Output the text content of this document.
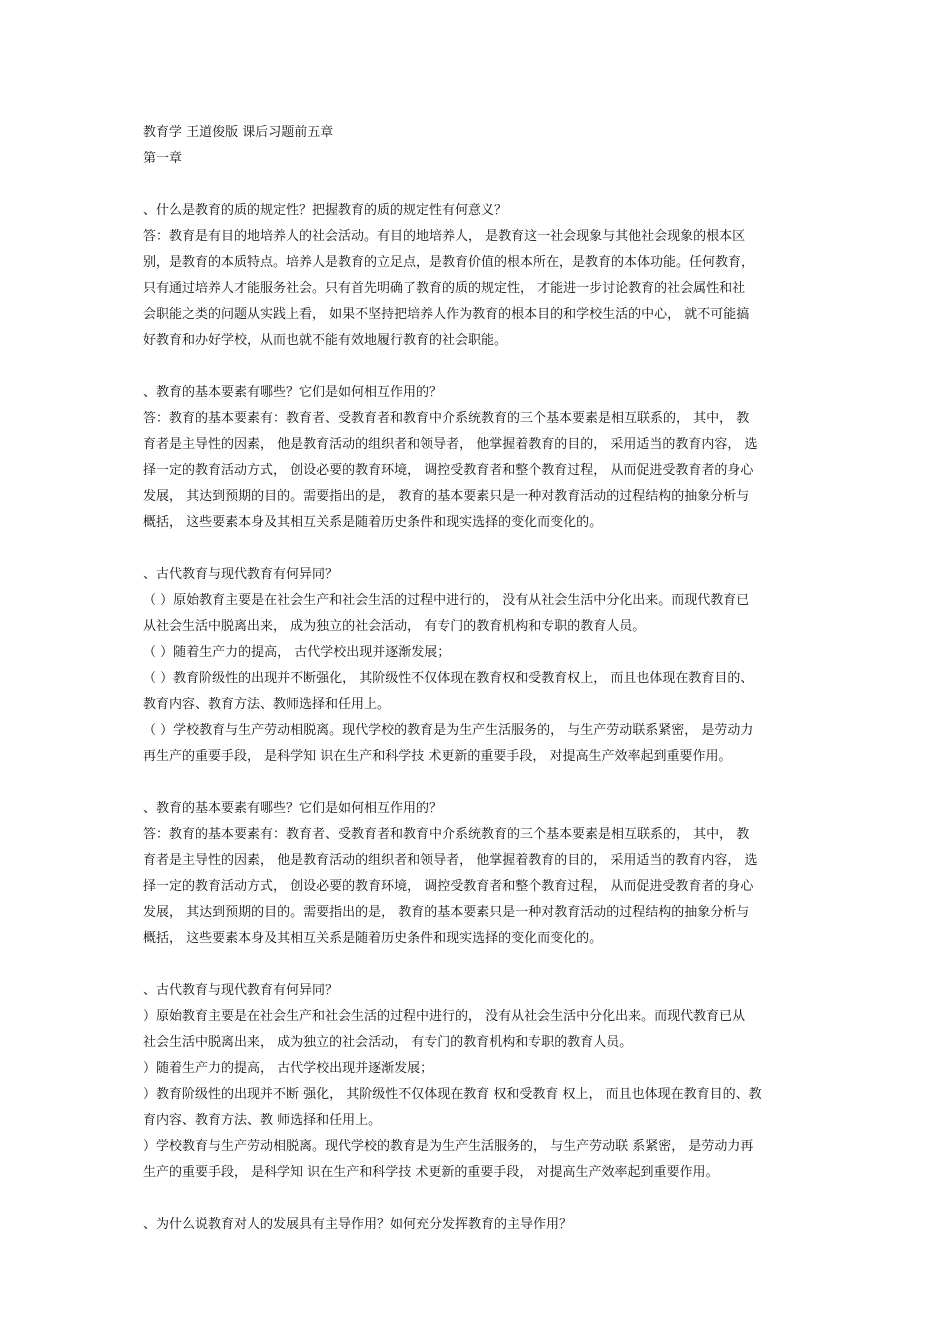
教育学 王道俊版 课后习题前五章
第一章
、什么是教育的质的规定性？把握教育的质的规定性有何意义？
答：教育是有目的地培养人的社会活动。有目的地培养人， 是教育这一社会现象与其他社会现象的根本区
别，是教育的本质特点。培养人是教育的立足点，是教育价值的根本所在，是教育的本体功能。任何教育，
只有通过培养人才能服务社会。只有首先明确了教育的质的规定性， 才能进一步讨论教育的社会属性和社
会职能之类的问题从实践上看， 如果不坚持把培养人作为教育的根本目的和学校生活的中心， 就不可能搞
好教育和办好学校，从而也就不能有效地履行教育的社会职能。
、教育的基本要素有哪些？它们是如何相互作用的？
答：教育的基本要素有：教育者、受教育者和教育中介系统教育的三个基本要素是相互联系的， 其中， 教
育者是主导性的因素， 他是教育活动的组织者和领导者， 他掌握着教育的目的， 采用适当的教育内容， 选
择一定的教育活动方式， 创设必要的教育环境， 调控受教育者和整个教育过程， 从而促进受教育者的身心
发展， 其达到预期的目的。需要指出的是， 教育的基本要素只是一种对教育活动的过程结构的抽象分析与
概括， 这些要素本身及其相互关系是随着历史条件和现实选择的变化而变化的。
、古代教育与现代教育有何异同？
（ ）原始教育主要是在社会生产和社会生活的过程中进行的， 没有从社会生活中分化出来。而现代教育已
从社会生活中脱离出来， 成为独立的社会活动， 有专门的教育机构和专职的教育人员。
（ ）随着生产力的提高， 古代学校出现并逐渐发展；
（ ）教育阶级性的出现并不断强化， 其阶级性不仅体现在教育权和受教育权上， 而且也体现在教育目的、
教育内容、教育方法、教师选择和任用上。
（ ）学校教育与生产劳动相脱离。现代学校的教育是为生产生活服务的， 与生产劳动联系紧密， 是劳动力
再生产的重要手段， 是科学知 识在生产和科学技 术更新的重要手段， 对提高生产效率起到重要作用。
、教育的基本要素有哪些？它们是如何相互作用的？
答：教育的基本要素有：教育者、受教育者和教育中介系统教育的三个基本要素是相互联系的， 其中， 教
育者是主导性的因素， 他是教育活动的组织者和领导者， 他掌握着教育的目的， 采用适当的教育内容， 选
择一定的教育活动方式， 创设必要的教育环境， 调控受教育者和整个教育过程， 从而促进受教育者的身心
发展， 其达到预期的目的。需要指出的是， 教育的基本要素只是一种对教育活动的过程结构的抽象分析与
概括， 这些要素本身及其相互关系是随着历史条件和现实选择的变化而变化的。
、古代教育与现代教育有何异同？
）原始教育主要是在社会生产和社会生活的过程中进行的， 没有从社会生活中分化出来。而现代教育已从
社会生活中脱离出来， 成为独立的社会活动， 有专门的教育机构和专职的教育人员。
）随着生产力的提高， 古代学校出现并逐渐发展；
）教育阶级性的出现并不断 强化， 其阶级性不仅体现在教育 权和受教育 权上， 而且也体现在教育目的、教
育内容、教育方法、教 师选择和任用上。
）学校教育与生产劳动相脱离。现代学校的教育是为生产生活服务的， 与生产劳动联 系紧密， 是劳动力再
生产的重要手段， 是科学知 识在生产和科学技 术更新的重要手段， 对提高生产效率起到重要作用。
、为什么说教育对人的发展具有主导作用？如何充分发挥教育的主导作用？
